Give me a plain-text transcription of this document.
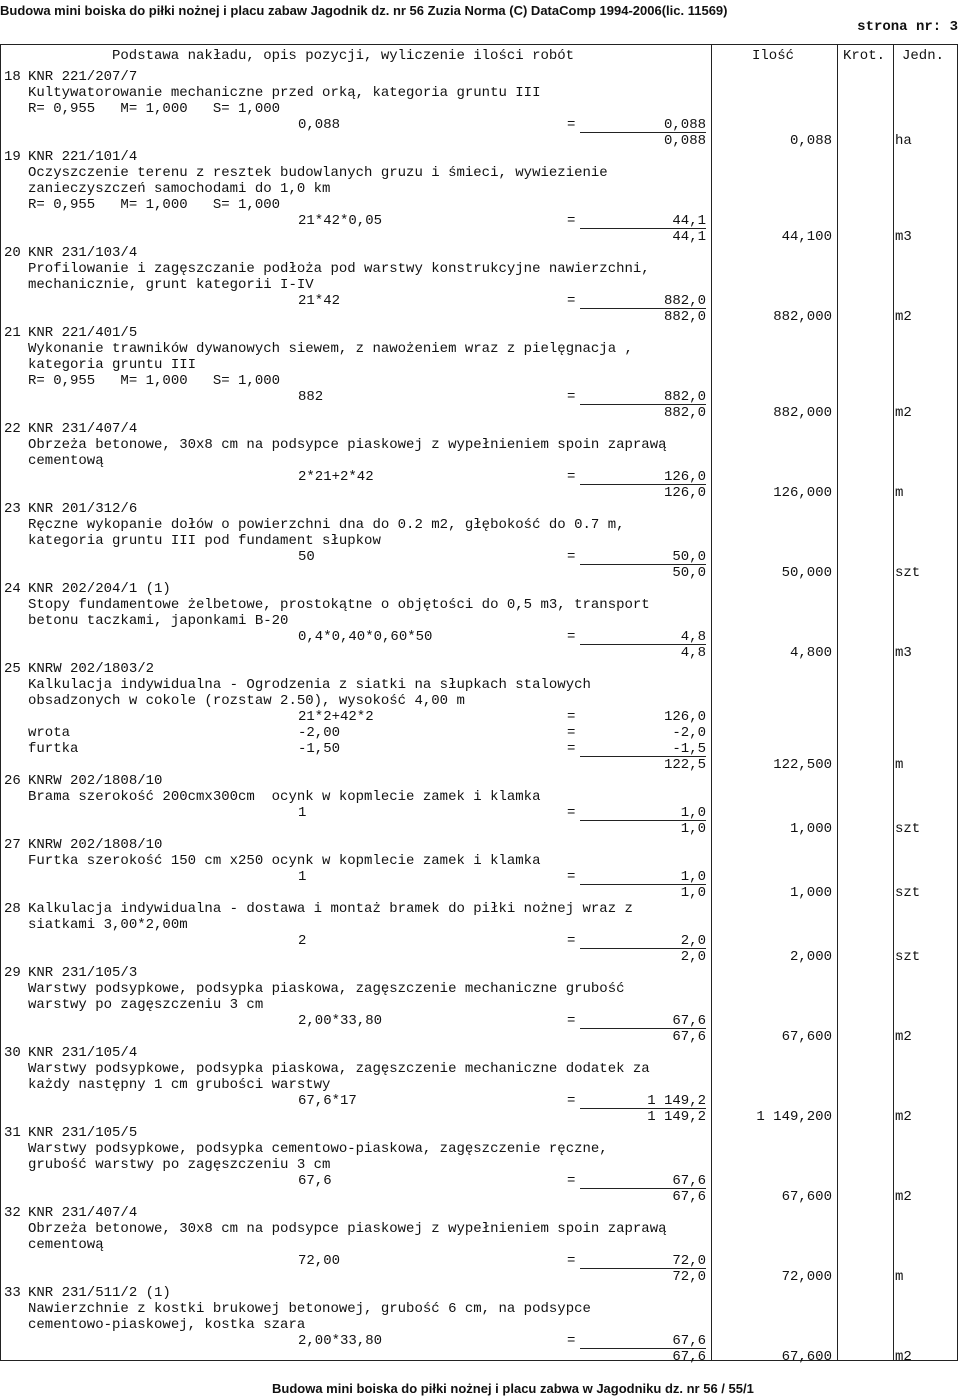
Budowa mini boiska do piłki nożnej i placu zabaw Jagodnik dz. nr 56 Zuzia Norma (C) DataComp 1994-2006(lic. 11569)
strona nr: 3
Podstawa nakładu, opis pozycji, wyliczenie ilości robót	Ilość	Krot. Jedn.
18 KNR 221/207/7
Kultywatorowanie mechaniczne przed orką, kategoria gruntu III
R= 0,955   M= 1,000   S= 1,000
0,088	=	0,088
0,088	0,088	ha
19 KNR 221/101/4
Oczyszczenie terenu z resztek budowlanych gruzu i śmieci, wywiezienie
zanieczyszczeń samochodami do 1,0 km
R= 0,955   M= 1,000   S= 1,000
21*42*0,05	=	44,1
44,1	44,100	m3
20 KNR 231/103/4
Profilowanie i zagęszczanie podłoża pod warstwy konstrukcyjne nawierzchni,
mechanicznie, grunt kategorii I-IV
21*42	=	882,0
882,0	882,000	m2
21 KNR 221/401/5
Wykonanie trawników dywanowych siewem, z nawożeniem wraz z pielęgnacja ,
kategoria gruntu III
R= 0,955   M= 1,000   S= 1,000
882	=	882,0
882,0	882,000	m2
22 KNR 231/407/4
Obrzeża betonowe, 30x8 cm na podsypce piaskowej z wypełnieniem spoin zaprawą
cementową
2*21+2*42	=	126,0
126,0	126,000	m
23 KNR 201/312/6
Ręczne wykopanie dołów o powierzchni dna do 0.2 m2, głębokość do 0.7 m,
kategoria gruntu III pod fundament słupkow
50	=	50,0
50,0	50,000	szt
24 KNR 202/204/1 (1)
Stopy fundamentowe żelbetowe, prostokątne o objętości do 0,5 m3, transport
betonu taczkami, japonkami B-20
0,4*0,40*0,60*50	=	4,8
4,8	4,800	m3
25 KNRW 202/1803/2
Kalkulacja indywidualna - Ogrodzenia z siatki na słupkach stalowych
obsadzonych w cokole (rozstaw 2.50), wysokość 4,00 m
21*2+42*2	=	126,0
wrota	-2,00	=	-2,0
furtka	-1,50	=	-1,5
122,5	122,500	m
26 KNRW 202/1808/10
Brama szerokość 200cmx300cm  ocynk w kopmlecie zamek i klamka
1	=	1,0
1,0	1,000	szt
27 KNRW 202/1808/10
Furtka szerokość 150 cm x250 ocynk w kopmlecie zamek i klamka
1	=	1,0
1,0	1,000	szt
28 Kalkulacja indywidualna - dostawa i montaż bramek do piłki nożnej wraz z
siatkami 3,00*2,00m
2	=	2,0
2,0	2,000	szt
29 KNR 231/105/3
Warstwy podsypkowe, podsypka piaskowa, zagęszczenie mechaniczne grubość
warstwy po zagęszczeniu 3 cm
2,00*33,80	=	67,6
67,6	67,600	m2
30 KNR 231/105/4
Warstwy podsypkowe, podsypka piaskowa, zagęszczenie mechaniczne dodatek za
każdy następny 1 cm grubości warstwy
67,6*17	=	1 149,2
1 149,2	1 149,200	m2
31 KNR 231/105/5
Warstwy podsypkowe, podsypka cementowo-piaskowa, zagęszczenie ręczne,
grubość warstwy po zagęszczeniu 3 cm
67,6	=	67,6
67,6	67,600	m2
32 KNR 231/407/4
Obrzeża betonowe, 30x8 cm na podsypce piaskowej z wypełnieniem spoin zaprawą
cementową
72,00	=	72,0
72,0	72,000	m
33 KNR 231/511/2 (1)
Nawierzchnie z kostki brukowej betonowej, grubość 6 cm, na podsypce
cementowo-piaskowej, kostka szara
2,00*33,80	=	67,6
67,6	67,600	m2
Budowa mini boiska do piłki nożnej i placu zabwa w Jagodniku dz. nr 56 / 55/1
